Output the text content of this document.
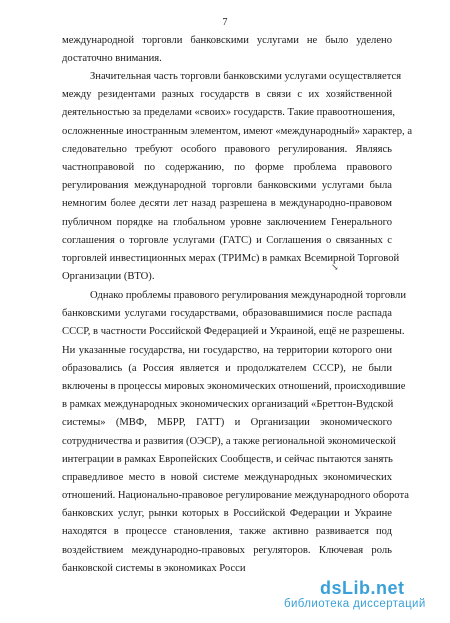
7
международной торговли банковскими услугами не было уделено
достаточно внимания.
Значительная часть торговли банковскими услугами осуществляется
между резидентами разных государств в связи с их хозяйственной
деятельностью за пределами «своих» государств. Такие правоотношения,
осложненные иностранным элементом, имеют «международный» характер, а
следовательно требуют особого правового регулирования. Являясь
частноправовой по содержанию, по форме проблема правового
регулирования международной торговли банковскими услугами была
немногим более десяти лет назад разрешена в международно-правовом
публичном порядке на глобальном уровне заключением Генерального
соглашения о торговле услугами (ГАТС) и Соглашения о связанных с
торговлей инвестиционных мерах (ТРИМс) в рамках Всемирной Торговой
Организации (ВТО).
↘
Однако проблемы правового регулирования международной торговли
банковскими услугами государствами, образовавшимися после распада
СССР, в частности Российской Федерацией и Украиной, ещё не разрешены.
Ни указанные государства, ни государство, на территории которого они
образовались (а Россия является и продолжателем СССР), не были
включены в процессы мировых экономических отношений, происходившие
в рамках международных экономических организаций «Бреттон-Вудской
системы» (МВФ, МБРР, ГАТТ) и Организации экономического
сотрудничества и развития (ОЭСР), а также региональной экономической
интеграции в рамках Европейских Сообществ, и сейчас пытаются занять
справедливое место в новой системе международных экономических
отношений. Национально-правовое регулирование международного оборота
банковских услуг, рынки которых в Российской Федерации и Украине
находятся в процессе становления, также активно развивается под
воздействием международно-правовых регуляторов. Ключевая роль
банковской системы в экономиках Росси
dsLib.net
библиотека диссертаций
